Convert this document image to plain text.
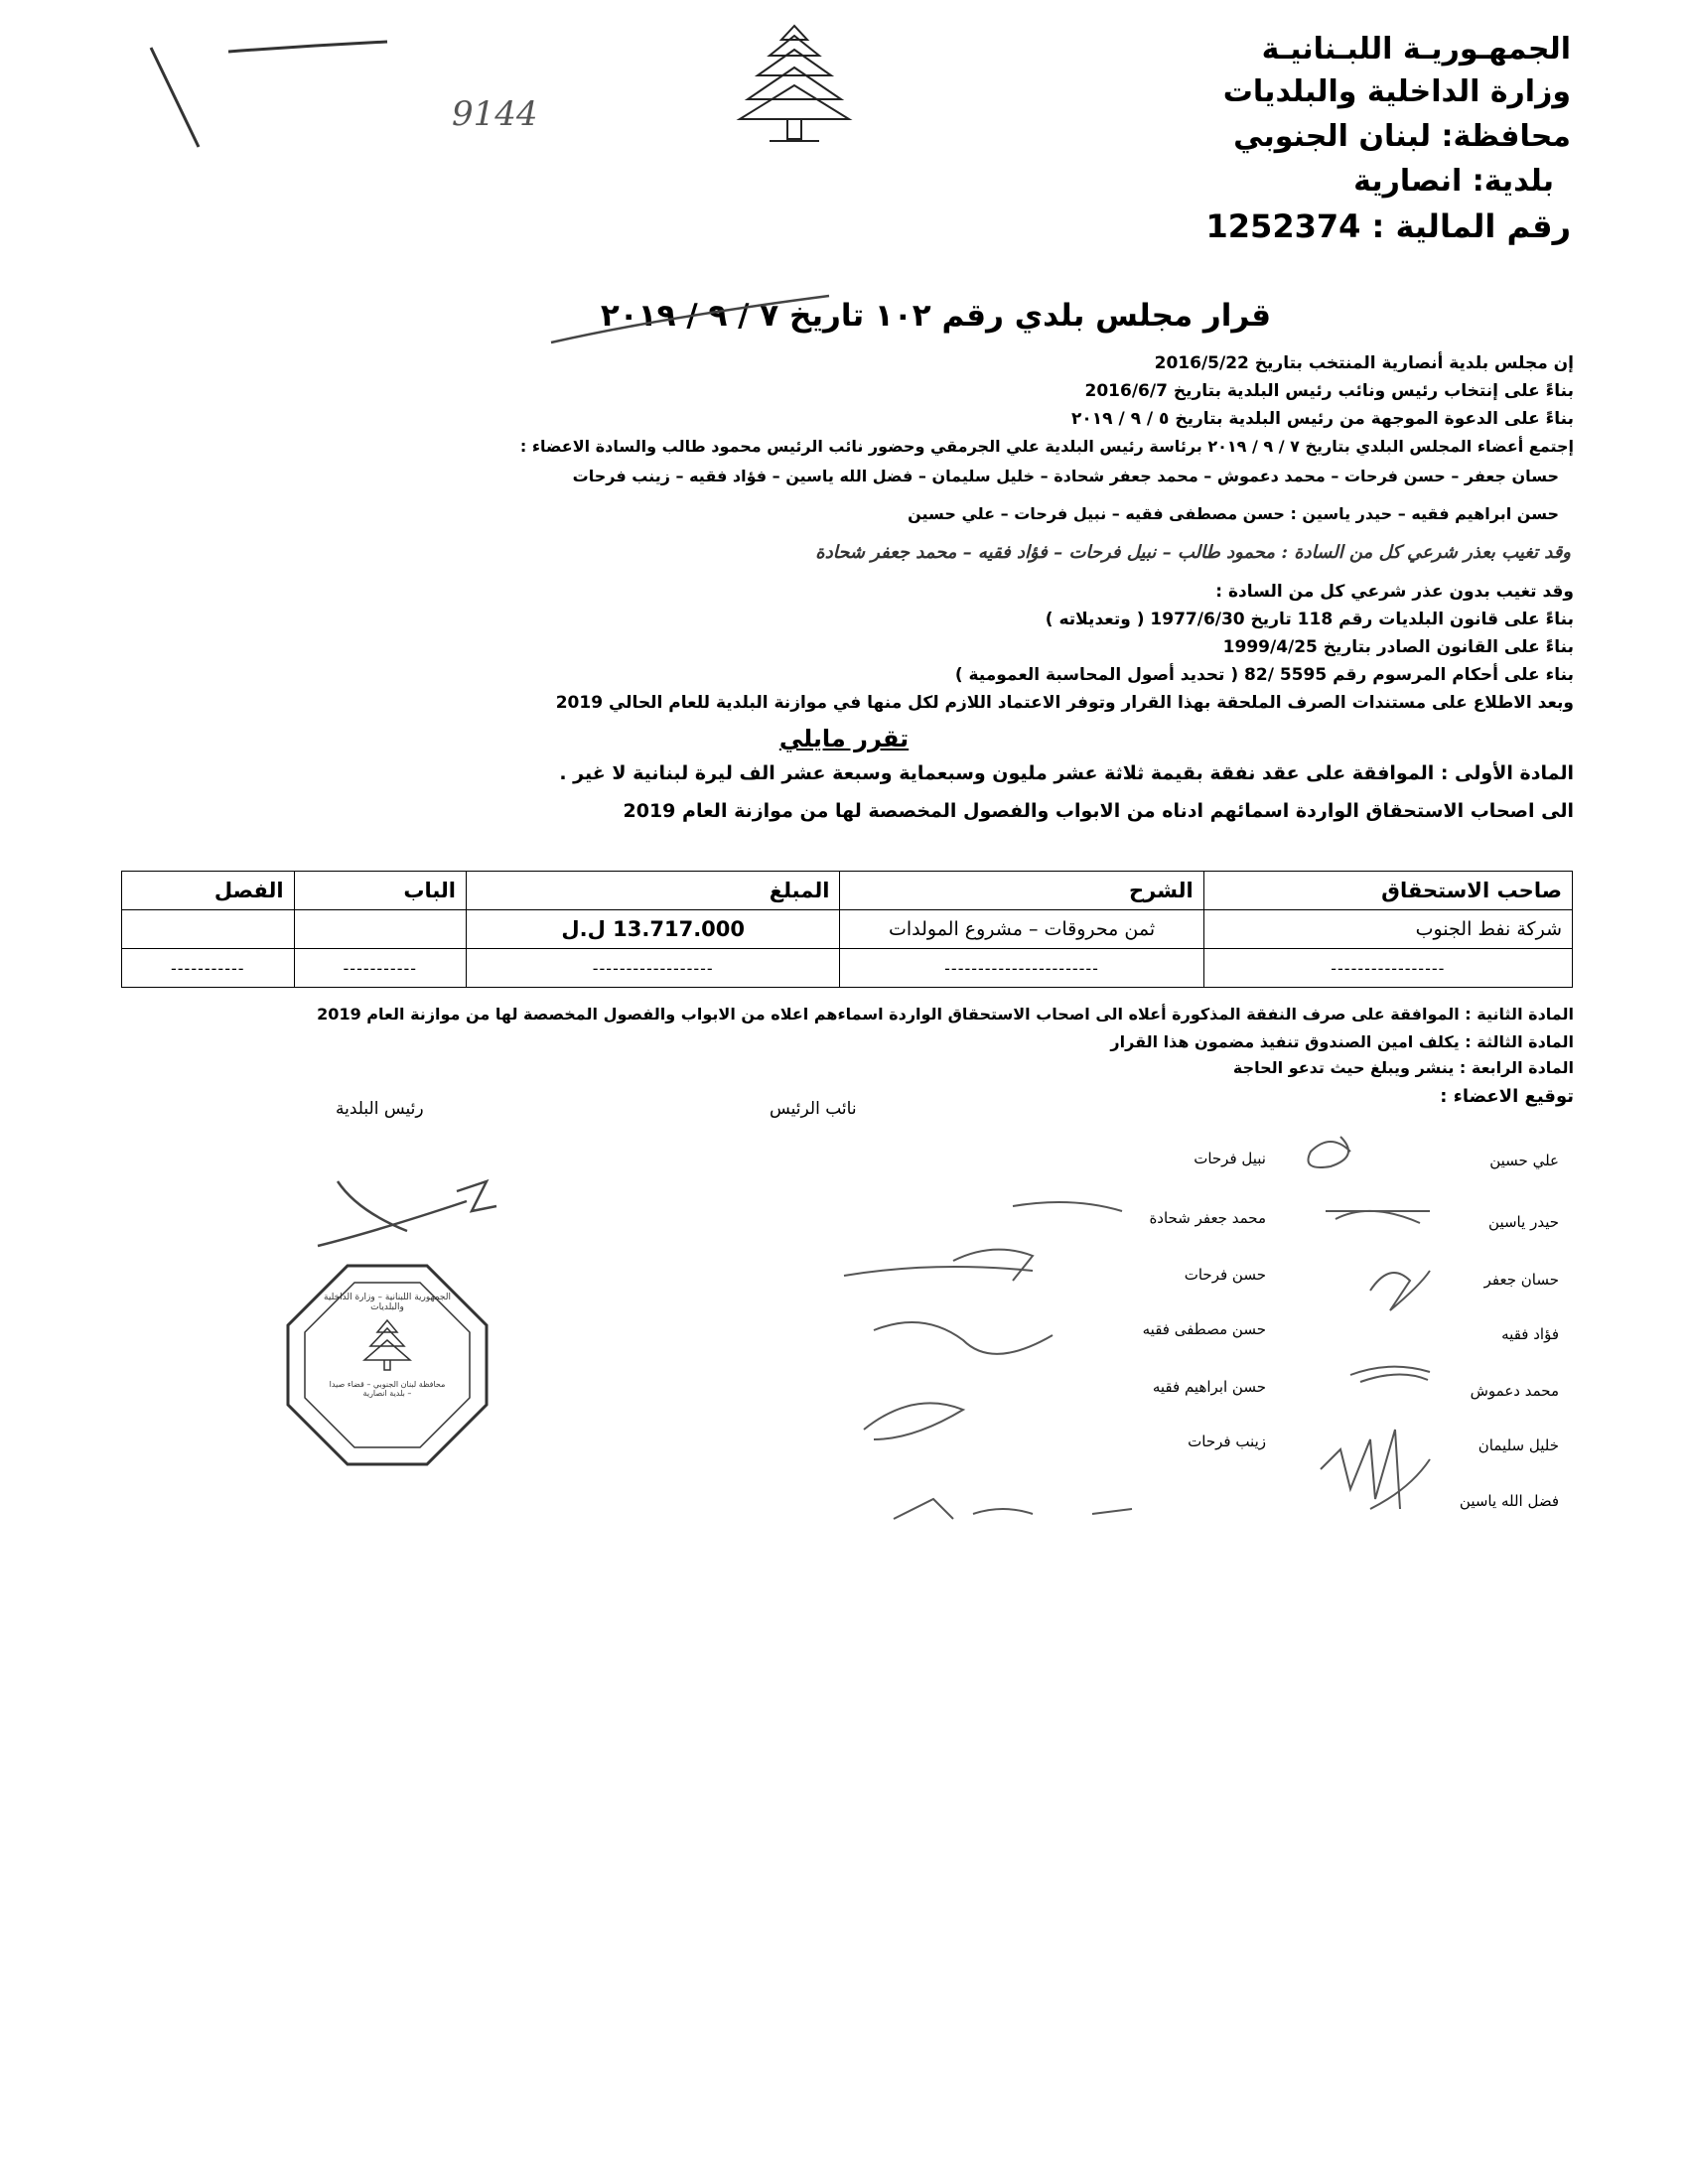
9144
الجمهـوريـة اللبـنانيـة
وزارة الداخلية والبلديات
محافظة: لبنان الجنوبي
بلدية: انصارية
رقم المالية : 1252374
قرار مجلس بلدي رقم ١٠٢ تاريخ ٧ / ٩ / ٢٠١٩
إن مجلس بلدية أنصارية المنتخب بتاريخ 2016/5/22
بناءً على إنتخاب رئيس ونائب رئيس البلدية بتاريخ 2016/6/7
بناءً على الدعوة الموجهة من رئيس البلدية بتاريخ ٥ / ٩ / ٢٠١٩
إجتمع أعضاء المجلس البلدي بتاريخ ٧ / ٩ / ٢٠١٩ برئاسة رئيس البلدية علي الجرمقي وحضور نائب الرئيس محمود طالب والسادة الاعضاء :
حسان جعفر – حسن فرحات – محمد دعموش – محمد جعفر شحادة – خليل سليمان – فضل الله ياسين – فؤاد فقيه – زينب فرحات
حسن ابراهيم فقيه – حيدر ياسين : حسن مصطفى فقيه – نبيل فرحات – علي حسين
وقد تغيب بعذر شرعي كل من السادة : محمود طالب – نبيل فرحات – فؤاد فقيه – محمد جعفر شحادة
وقد تغيب بدون عذر شرعي كل من السادة :
بناءً على قانون البلديات رقم 118 تاريخ 1977/6/30 ( وتعديلاته )
بناءً على القانون الصادر بتاريخ 1999/4/25
بناء على أحكام المرسوم رقم 5595 /82 ( تحديد أصول المحاسبة العمومية )
وبعد الاطلاع على مستندات الصرف الملحقة بهذا القرار وتوفر الاعتماد اللازم لكل منها في موازنة البلدية للعام الحالي 2019
تقرر مايلي
المادة الأولى : الموافقة على عقد نفقة بقيمة ثلاثة عشر مليون وسبعماية وسبعة عشر الف ليرة لبنانية لا غير .
الى اصحاب الاستحقاق الواردة اسمائهم ادناه من الابواب والفصول المخصصة لها من موازنة العام 2019
صاحب الاستحقاق	الشرح	المبلغ	الباب	الفصل
شركة نفط الجنوب	ثمن محروقات – مشروع المولدات	13.717.000 ل.ل		
-----------------	-----------------------	------------------	-----------	-----------
المادة الثانية : الموافقة على صرف النفقة المذكورة أعلاه الى اصحاب الاستحقاق الواردة اسماءهم اعلاه من الابواب والفصول المخصصة لها من موازنة العام 2019
المادة الثالثة : يكلف امين الصندوق تنفيذ مضمون هذا القرار
المادة الرابعة : ينشر ويبلغ حيث تدعو الحاجة
توقيع الاعضاء :
نائب الرئيس
رئيس البلدية
علي حسين
حيدر ياسين
حسان جعفر
فؤاد فقيه
محمد دعموش
خليل سليمان
فضل الله ياسين
نبيل فرحات
محمد جعفر شحادة
حسن فرحات
حسن مصطفى فقيه
حسن ابراهيم فقيه
زينب فرحات
الجمهورية اللبنانية – وزارة الداخلية والبلديات
محافظة لبنان الجنوبي – قضاء صيدا – بلدية انصارية
